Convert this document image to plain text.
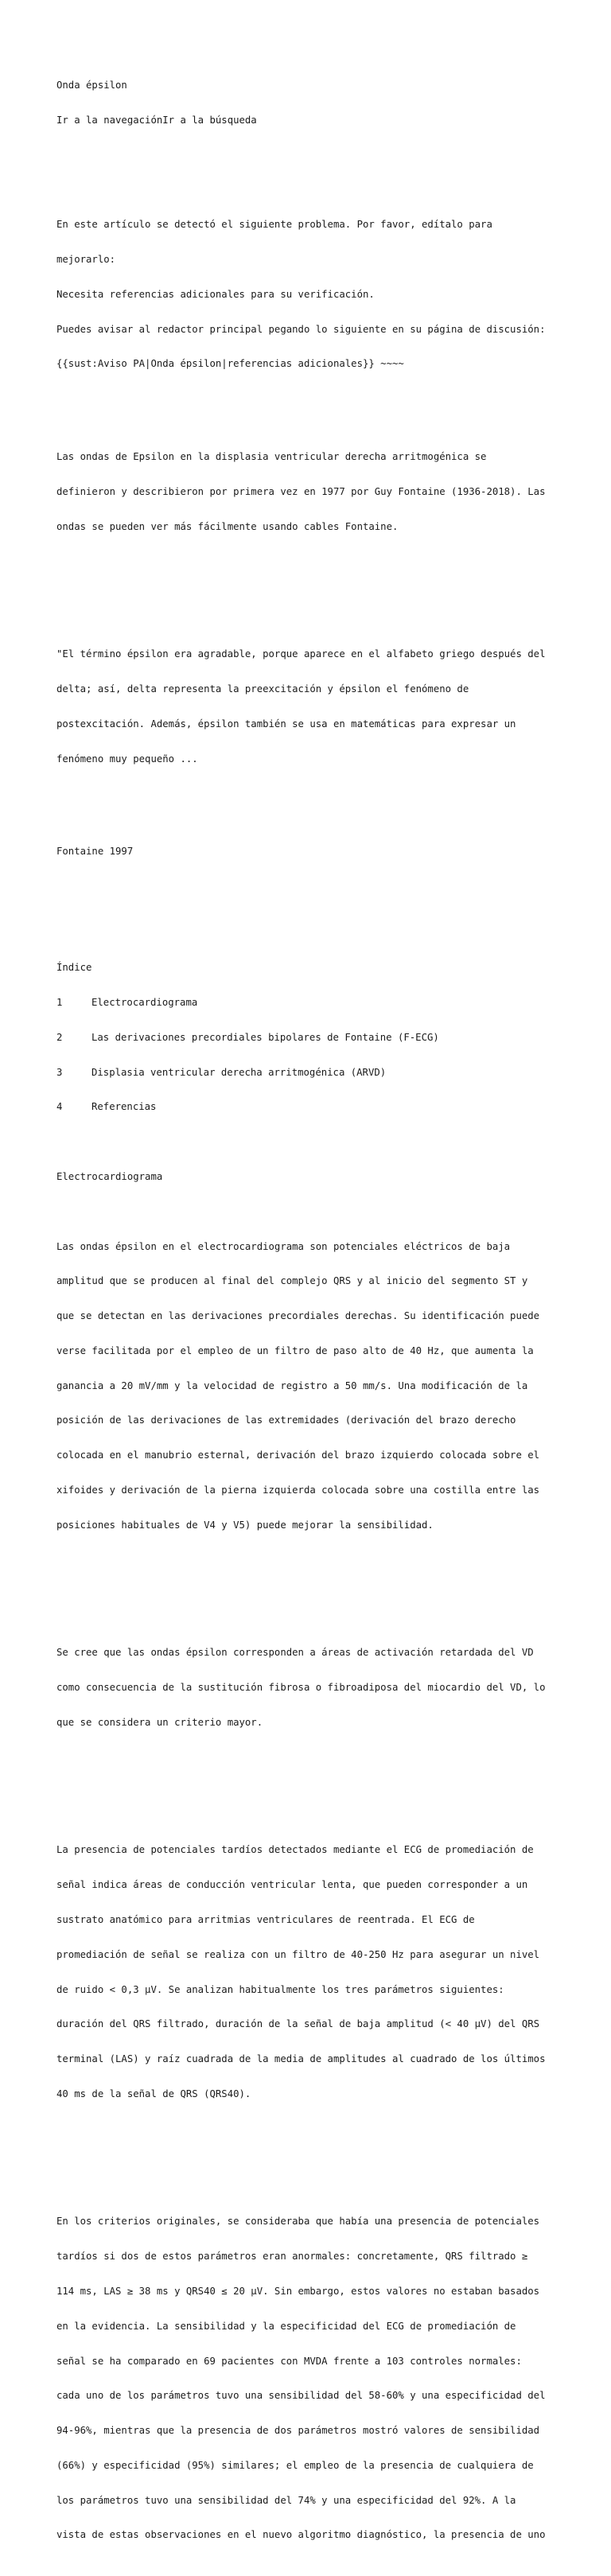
Onda épsilon

Ir a la navegaciónIr a la búsqueda

En este artículo se detectó el siguiente problema. Por favor, edítalo para

mejorarlo:

Necesita referencias adicionales para su verificación.

Puedes avisar al redactor principal pegando lo siguiente en su página de discusión:

{{sust:Aviso PA|Onda épsilon|referencias adicionales}} ~~~~

Las ondas de Epsilon en la displasia ventricular derecha arritmogénica se

definieron y describieron por primera vez en 1977 por Guy Fontaine (1936-2018). Las

ondas se pueden ver más fácilmente usando cables Fontaine.

"El término épsilon era agradable, porque aparece en el alfabeto griego después del

delta; así, delta representa la preexcitación y épsilon el fenómeno de

postexcitación. Además, épsilon también se usa en matemáticas para expresar un

fenómeno muy pequeño ...

Fontaine 1997

Índice

1	Electrocardiograma

2	Las derivaciones precordiales bipolares de Fontaine (F-ECG)

3	Displasia ventricular derecha arritmogénica (ARVD)

4	Referencias

Electrocardiograma

Las ondas épsilon en el electrocardiograma son potenciales eléctricos de baja

amplitud que se producen al final del complejo QRS y al inicio del segmento ST y

que se detectan en las derivaciones precordiales derechas. Su identificación puede

verse facilitada por el empleo de un filtro de paso alto de 40 Hz, que aumenta la

ganancia a 20 mV/mm y la velocidad de registro a 50 mm/s. Una modificación de la

posición de las derivaciones de las extremidades (derivación del brazo derecho

colocada en el manubrio esternal, derivación del brazo izquierdo colocada sobre el

xifoides y derivación de la pierna izquierda colocada sobre una costilla entre las

posiciones habituales de V4 y V5) puede mejorar la sensibilidad.

Se cree que las ondas épsilon corresponden a áreas de activación retardada del VD

como consecuencia de la sustitución fibrosa o fibroadiposa del miocardio del VD, lo

que se considera un criterio mayor.

La presencia de potenciales tardíos detectados mediante el ECG de promediación de

señal indica áreas de conducción ventricular lenta, que pueden corresponder a un

sustrato anatómico para arritmias ventriculares de reentrada. El ECG de

promediación de señal se realiza con un filtro de 40-250 Hz para asegurar un nivel

de ruido < 0,3 µV. Se analizan habitualmente los tres parámetros siguientes:

duración del QRS filtrado, duración de la señal de baja amplitud (< 40 µV) del QRS

terminal (LAS) y raíz cuadrada de la media de amplitudes al cuadrado de los últimos

40 ms de la señal de QRS (QRS40).

En los criterios originales, se consideraba que había una presencia de potenciales

tardíos si dos de estos parámetros eran anormales: concretamente, QRS filtrado ≥

114 ms, LAS ≥ 38 ms y QRS40 ≤ 20 µV. Sin embargo, estos valores no estaban basados

en la evidencia. La sensibilidad y la especificidad del ECG de promediación de

señal se ha comparado en 69 pacientes con MVDA frente a 103 controles normales:

cada uno de los parámetros tuvo una sensibilidad del 58-60% y una especificidad del

94-96%, mientras que la presencia de dos parámetros mostró valores de sensibilidad

(66%) y especificidad (95%) similares; el empleo de la presencia de cualquiera de

los parámetros tuvo una sensibilidad del 74% y una especificidad del 92%. A la

vista de estas observaciones en el nuevo algoritmo diagnóstico, la presencia de uno
